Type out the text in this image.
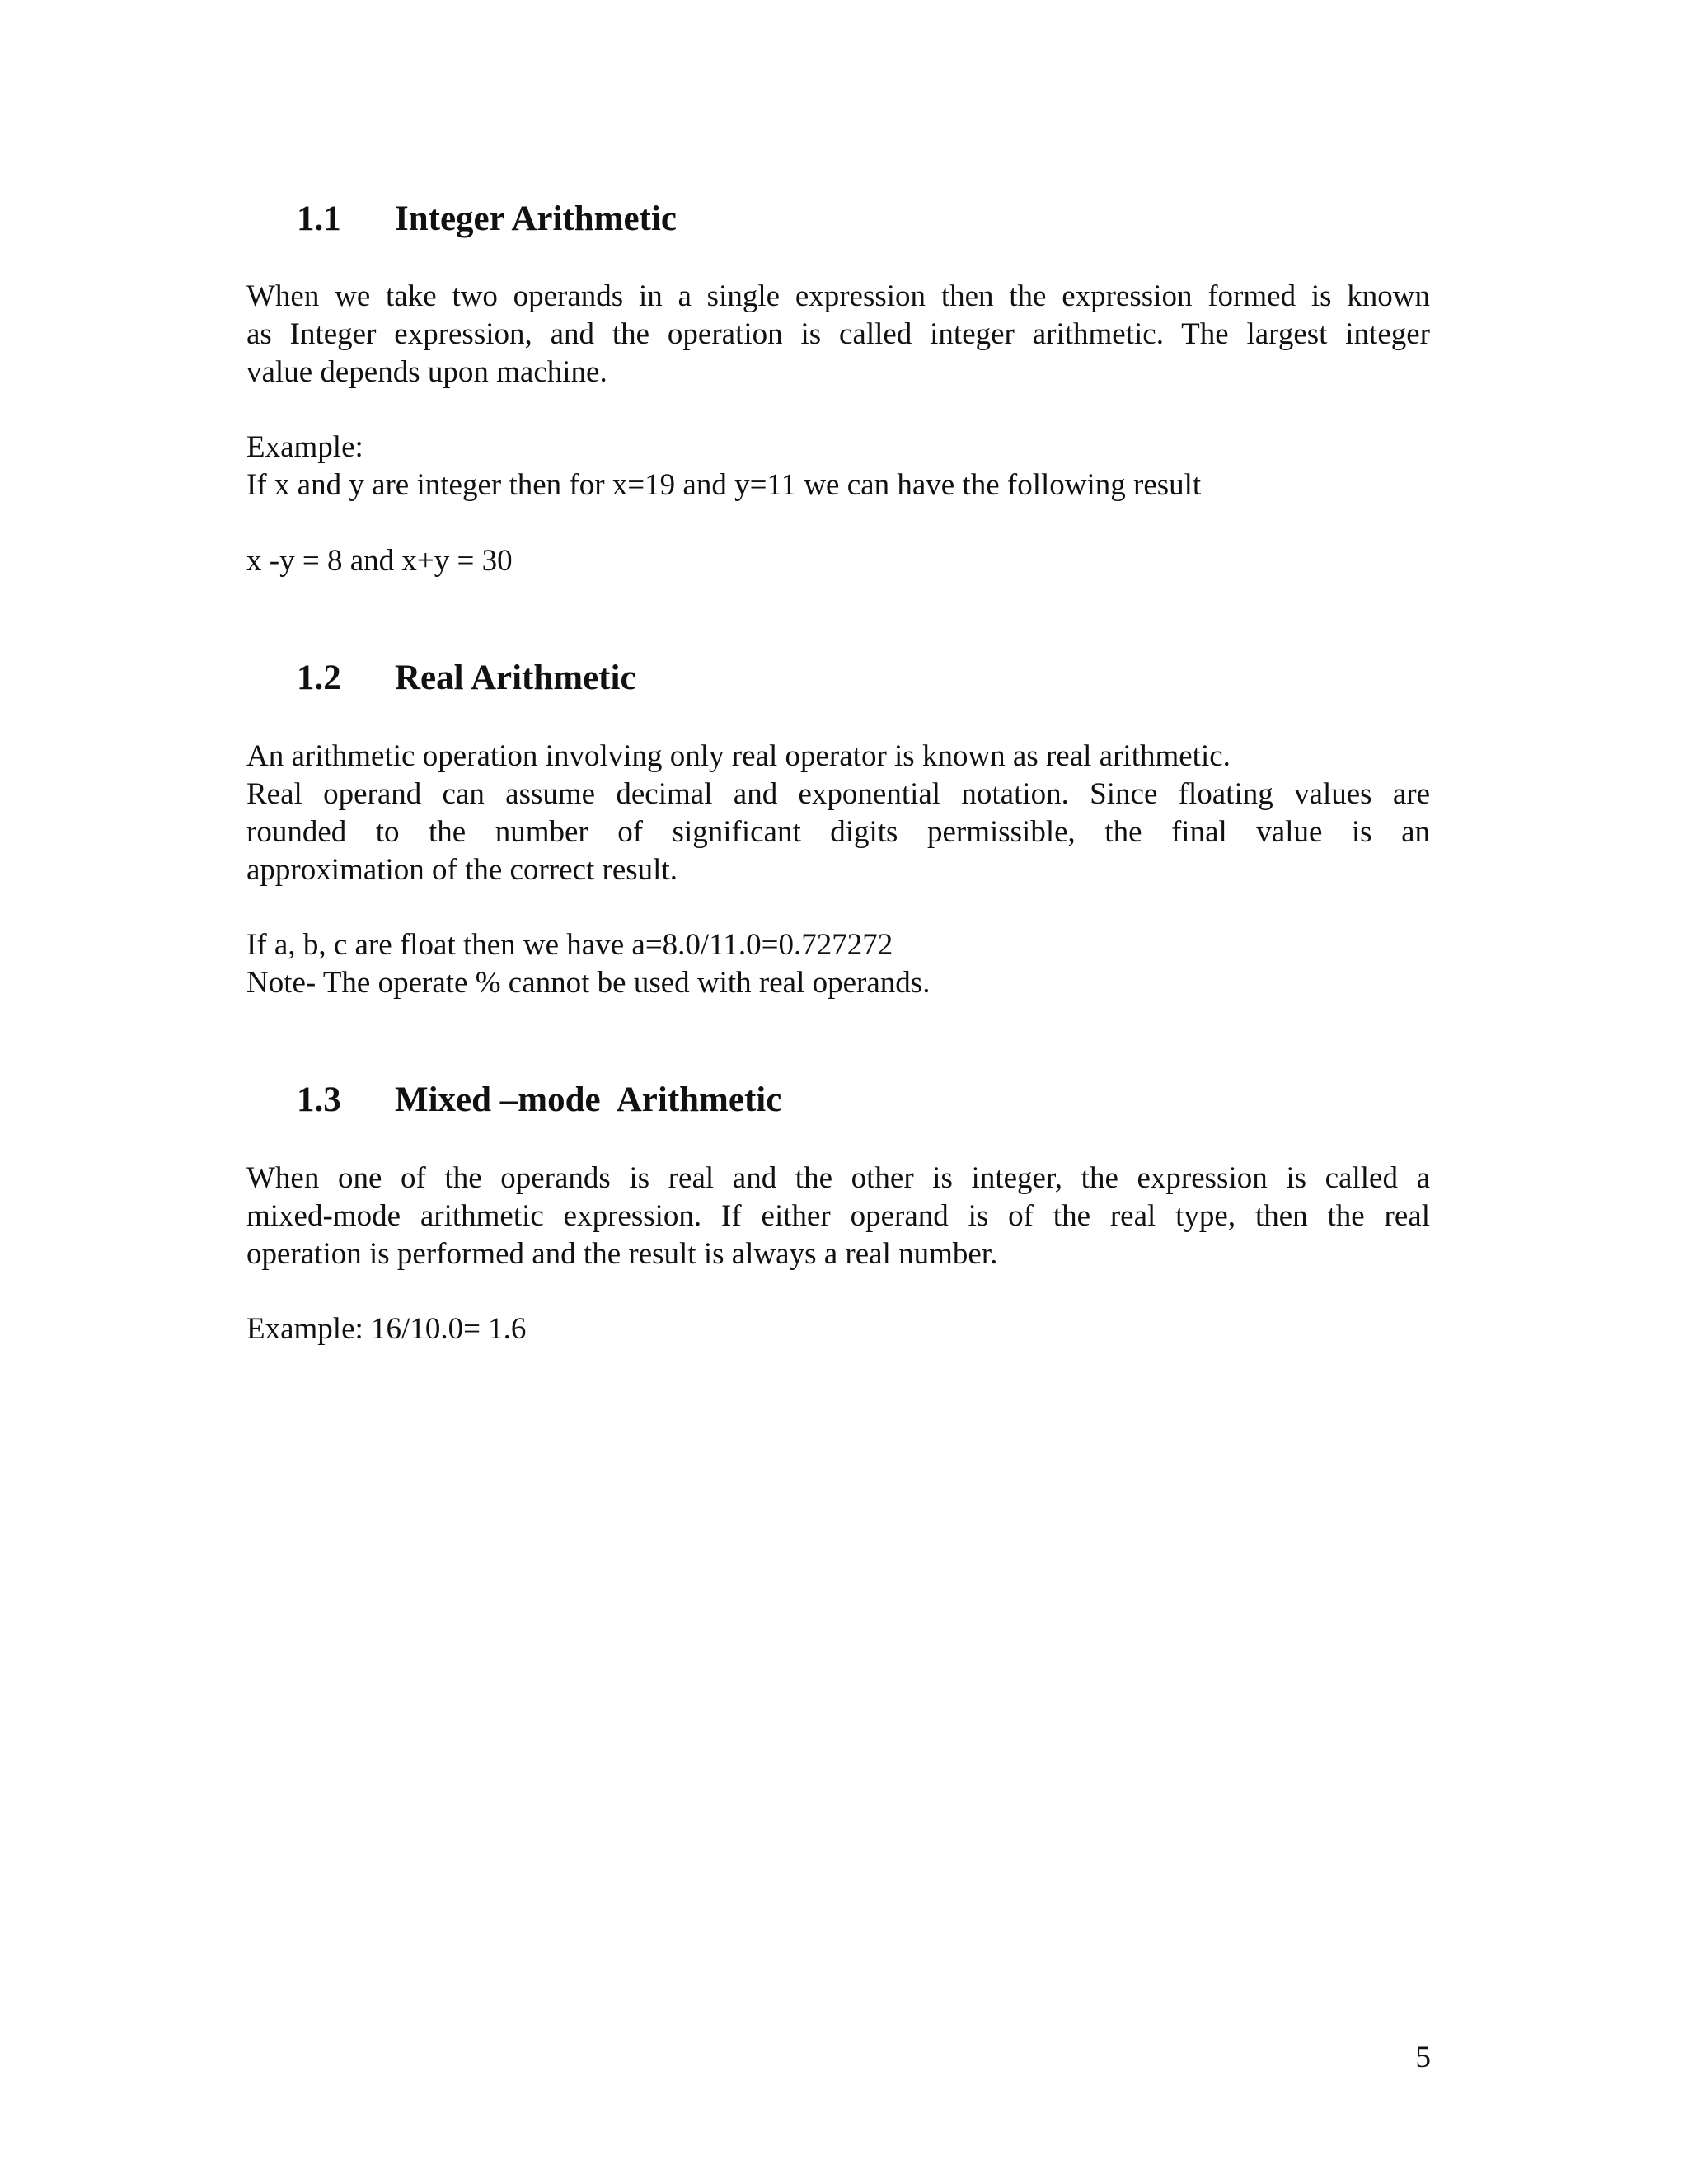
1.1 Integer Arithmetic
When we take two operands in a single expression then the expression formed is known
as Integer expression, and the operation is called integer arithmetic. The largest integer
value depends upon machine.
Example:
If x and y are integer then for x=19 and y=11 we can have the following result
x -y = 8 and x+y = 30
1.2 Real Arithmetic
An arithmetic operation involving only real operator is known as real arithmetic.
Real operand can assume decimal and exponential notation. Since floating values are
rounded to the number of significant digits permissible, the final value is an
approximation of the correct result.
If a, b, c are float then we have a=8.0/11.0=0.727272
Note- The operate % cannot be used with real operands.
1.3 Mixed –mode  Arithmetic
When one of the operands is real and the other is integer, the expression is called a
mixed-mode arithmetic expression. If either operand is of the real type, then the real
operation is performed and the result is always a real number.
Example: 16/10.0= 1.6
5
